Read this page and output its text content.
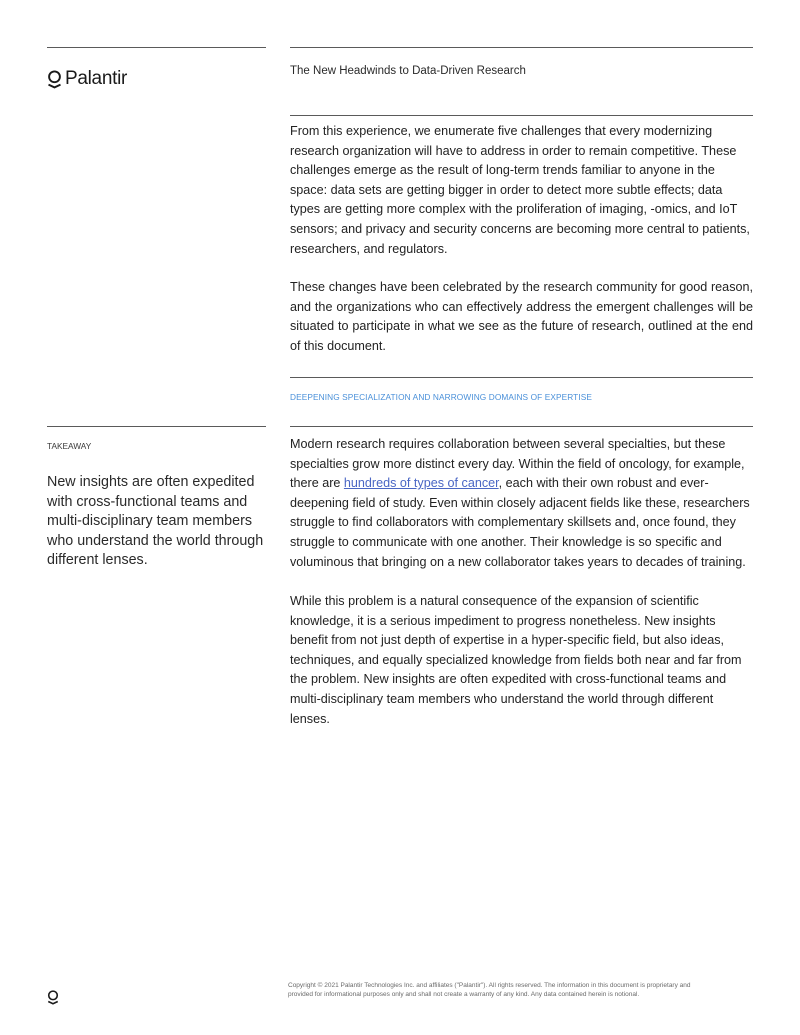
Palantir	The New Headwinds to Data-Driven Research

From this experience, we enumerate five challenges that every modernizing research organization will have to address in order to remain competitive. These challenges emerge as the result of long-term trends familiar to anyone in the space: data sets are getting bigger in order to detect more subtle effects; data types are getting more complex with the proliferation of imaging, -omics, and IoT sensors; and privacy and security concerns are becoming more central to patients, researchers, and regulators.

These changes have been celebrated by the research community for good reason, and the organizations who can effectively address the emergent challenges will be situated to participate in what we see as the future of research, outlined at the end of this document.

DEEPENING SPECIALIZATION AND NARROWING DOMAINS OF EXPERTISE

Modern research requires collaboration between several specialties, but these specialties grow more distinct every day. Within the field of oncology, for example, there are hundreds of types of cancer, each with their own robust and ever-deepening field of study. Even within closely adjacent fields like these, researchers struggle to find collaborators with complementary skillsets and, once found, they struggle to communicate with one another. Their knowledge is so specific and voluminous that bringing on a new collaborator takes years to decades of training.

While this problem is a natural consequence of the expansion of scientific knowledge, it is a serious impediment to progress nonetheless. New insights benefit from not just depth of expertise in a hyper-specific field, but also ideas, techniques, and equally specialized knowledge from fields both near and far from the problem. New insights are often expedited with cross-functional teams and multi-disciplinary team members who understand the world through different lenses.

TAKEAWAY

New insights are often expedited with cross-functional teams and multi-disciplinary team members who understand the world through different lenses.

Copyright © 2021 Palantir Technologies Inc. and affiliates ("Palantir"). All rights reserved. The information in this document is proprietary and provided for informational purposes only and shall not create a warranty of any kind. Any data contained herein is notional.
